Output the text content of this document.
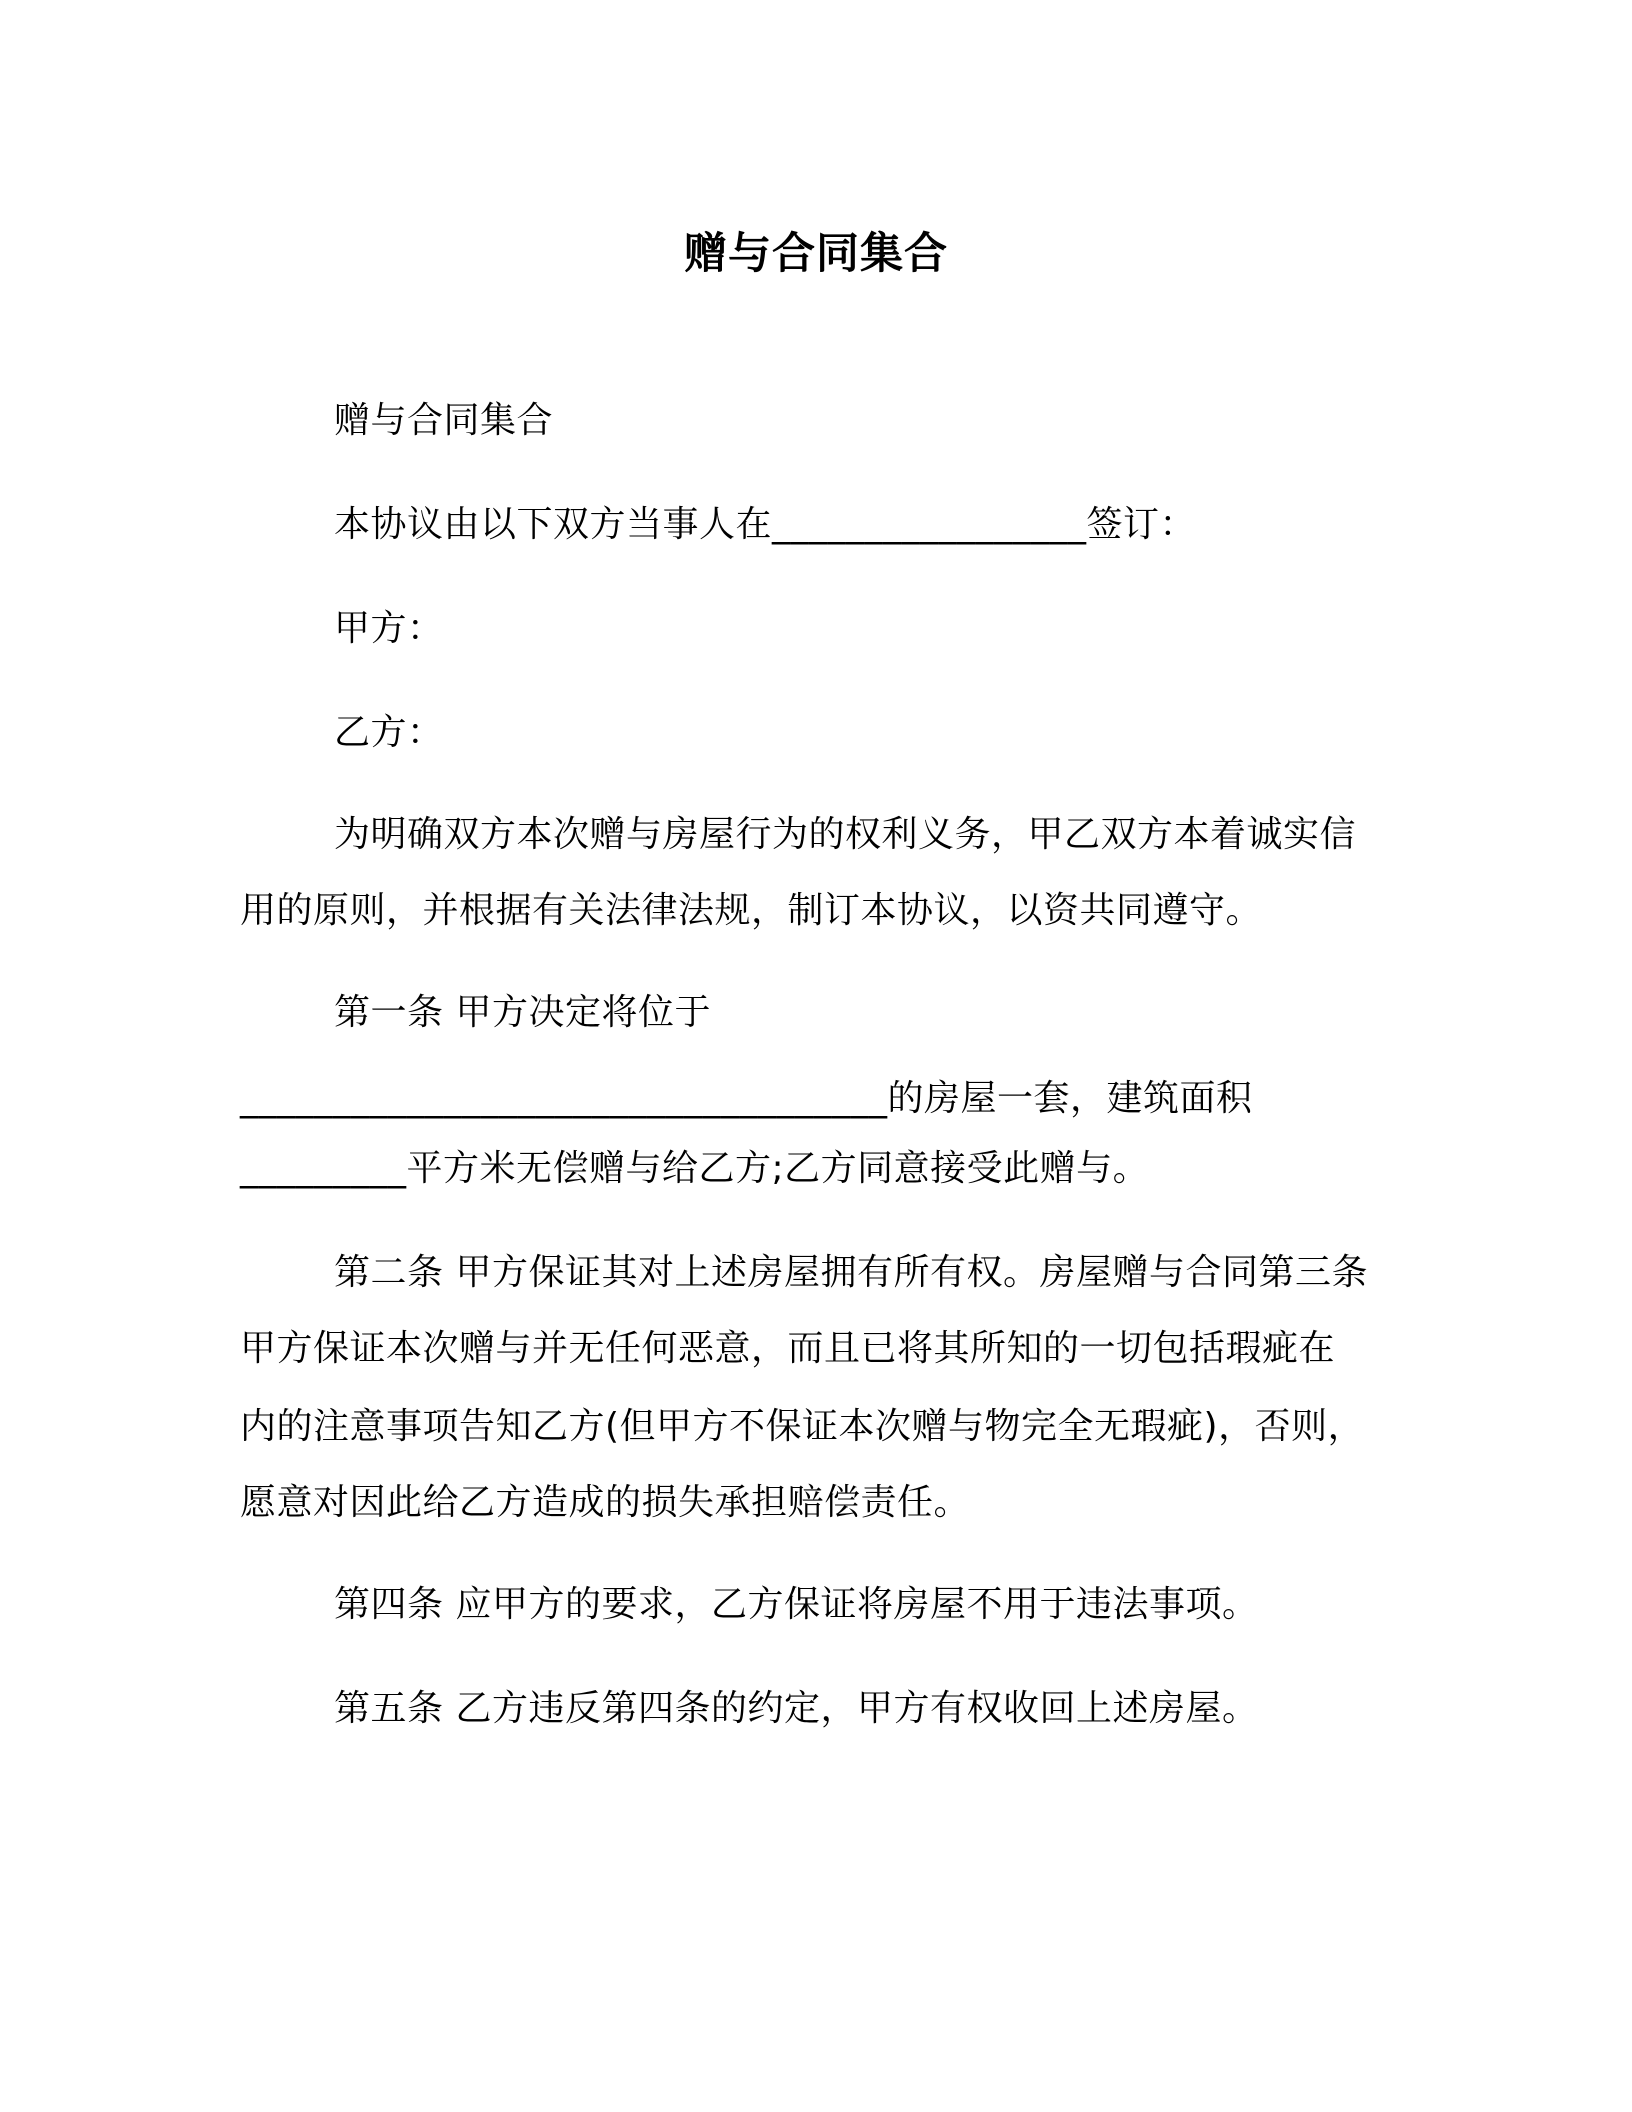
赠与合同集合
赠与合同集合
本协议由以下双方当事人在_________________签订：
甲方：
乙方：
为明确双方本次赠与房屋行为的权利义务，甲乙双方本着诚实信
用的原则，并根据有关法律法规，制订本协议，以资共同遵守。
第一条 甲方决定将位于
___________________________________的房屋一套，建筑面积
_________平方米无偿赠与给乙方;乙方同意接受此赠与。
第二条 甲方保证其对上述房屋拥有所有权。房屋赠与合同第三条
甲方保证本次赠与并无任何恶意，而且已将其所知的一切包括瑕疵在
内的注意事项告知乙方(但甲方不保证本次赠与物完全无瑕疵)，否则，
愿意对因此给乙方造成的损失承担赔偿责任。
第四条 应甲方的要求，乙方保证将房屋不用于违法事项。
第五条 乙方违反第四条的约定，甲方有权收回上述房屋。
